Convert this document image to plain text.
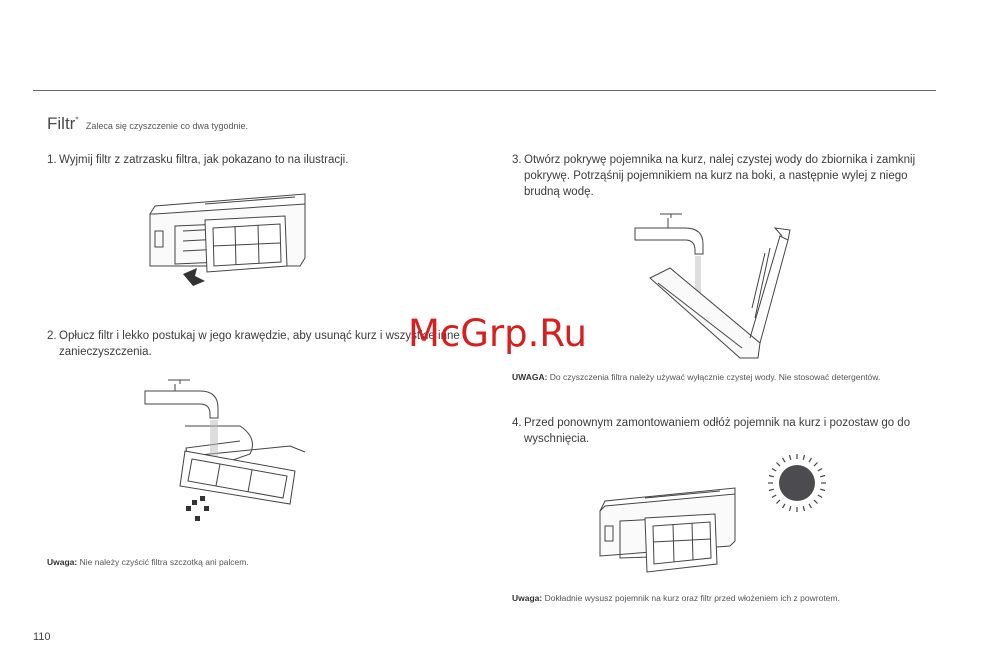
Filtr* Zaleca się czyszczenie co dwa tygodnie.
1. Wyjmij filtr z zatrzasku filtra, jak pokazano to na ilustracji.
2. Opłucz filtr i lekko postukaj w jego krawędzie, aby usunąć kurz i wszystkie inne
zanieczyszczenia.
Uwaga: Nie należy czyścić filtra szczotką ani palcem.
3. Otwórz pokrywę pojemnika na kurz, nalej czystej wody do zbiornika i zamknij
pokrywę. Potrząśnij pojemnikiem na kurz na boki, a następnie wylej z niego
brudną wodę.
UWAGA: Do czyszczenia filtra należy używać wyłącznie czystej wody. Nie stosować detergentów.
4. Przed ponownym zamontowaniem odłóż pojemnik na kurz i pozostaw go do
wyschnięcia.
Uwaga: Dokładnie wysusz pojemnik na kurz oraz filtr przed włożeniem ich z powrotem.
110
McGrp.Ru
